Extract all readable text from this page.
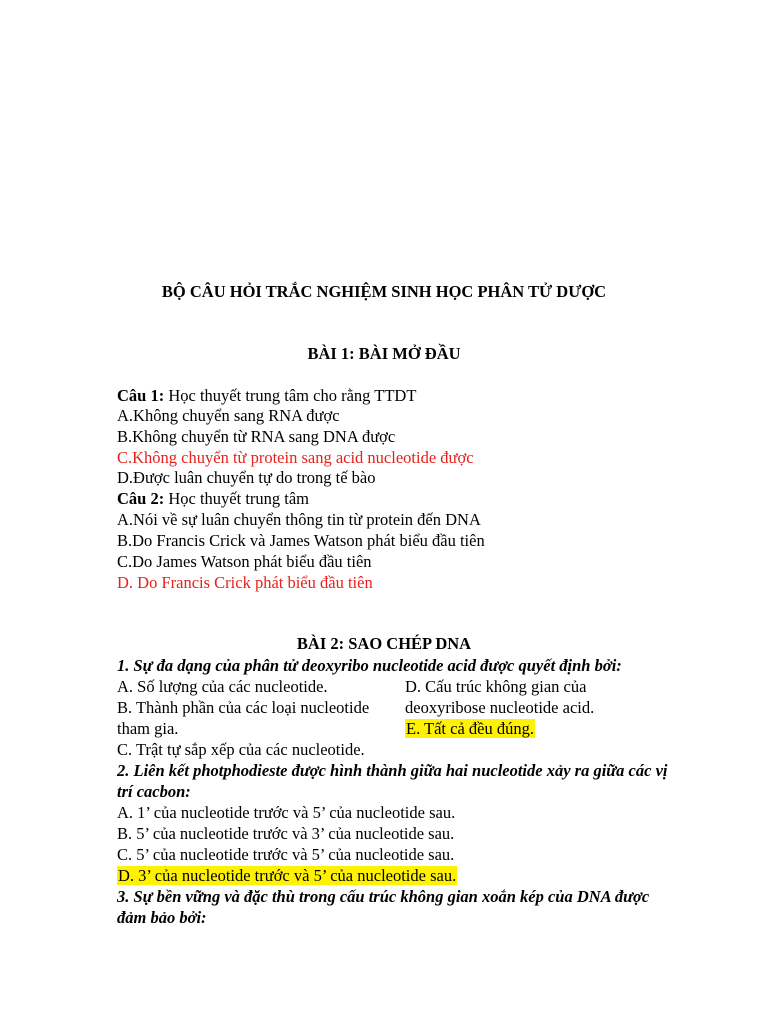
BỘ CÂU HỎI TRẮC NGHIỆM SINH HỌC PHÂN TỬ DƯỢC
BÀI 1: BÀI MỞ ĐẦU
Câu 1: Học thuyết trung tâm cho rằng TTDT
A.Không chuyển sang RNA được
B.Không chuyển từ RNA sang DNA được
C.Không chuyển từ protein sang acid nucleotide được
D.Được luân chuyển tự do trong tế bào
Câu 2: Học thuyết trung tâm
A.Nói về sự luân chuyển thông tin từ protein đến DNA
B.Do Francis Crick và James Watson phát biểu đầu tiên
C.Do James Watson phát biểu đầu tiên
D. Do Francis Crick phát biểu đầu tiên
BÀI 2: SAO CHÉP DNA
1. Sự đa dạng của phân tử deoxyribo nucleotide acid được quyết định bởi:
A. Số lượng của các nucleotide.	D. Cấu trúc không gian của
B. Thành phần của các loại nucleotide deoxyribose nucleotide acid.
tham gia.	E. Tất cả đều đúng.
C. Trật tự sắp xếp của các nucleotide.
2. Liên kết photphodieste được hình thành giữa hai nucleotide xảy ra giữa các vị
trí cacbon:
A. 1’ của nucleotide trước và 5’ của nucleotide sau.
B. 5’ của nucleotide trước và 3’ của nucleotide sau.
C. 5’ của nucleotide trước và 5’ của nucleotide sau.
D. 3’ của nucleotide trước và 5’ của nucleotide sau.
3. Sự bền vững và đặc thù trong cấu trúc không gian xoắn kép của DNA được
đảm bảo bởi:
